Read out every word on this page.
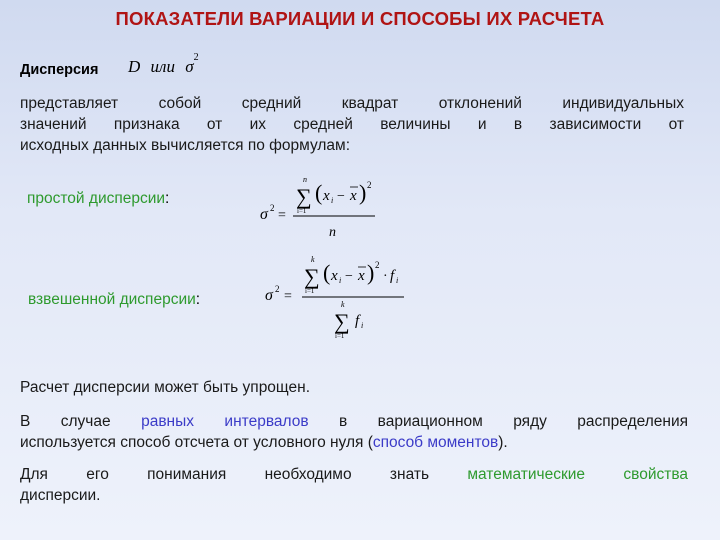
ПОКАЗАТЕЛИ ВАРИАЦИИ И СПОСОБЫ ИХ РАСЧЕТА
Дисперсия D или $\sigma^2$
представляет собой средний квадрат отклонений индивидуальных
значений признака от их средней величины и в зависимости от
исходных данных вычисляется по формулам:
простой дисперсии:
σ 2 =
n
∑
i=1
( x i − x ) 2
n
взвешенной дисперсии:	σ 2 =
k
∑
i=1
( x i − x ) 2
· f i
k
∑
i=1
f i
Расчет дисперсии может быть упрощен.
В случае равных интервалов в вариационном ряду распределения
используется способ отсчета от условного нуля (способ моментов).
Для его понимания необходимо знать математические свойства
дисперсии.
